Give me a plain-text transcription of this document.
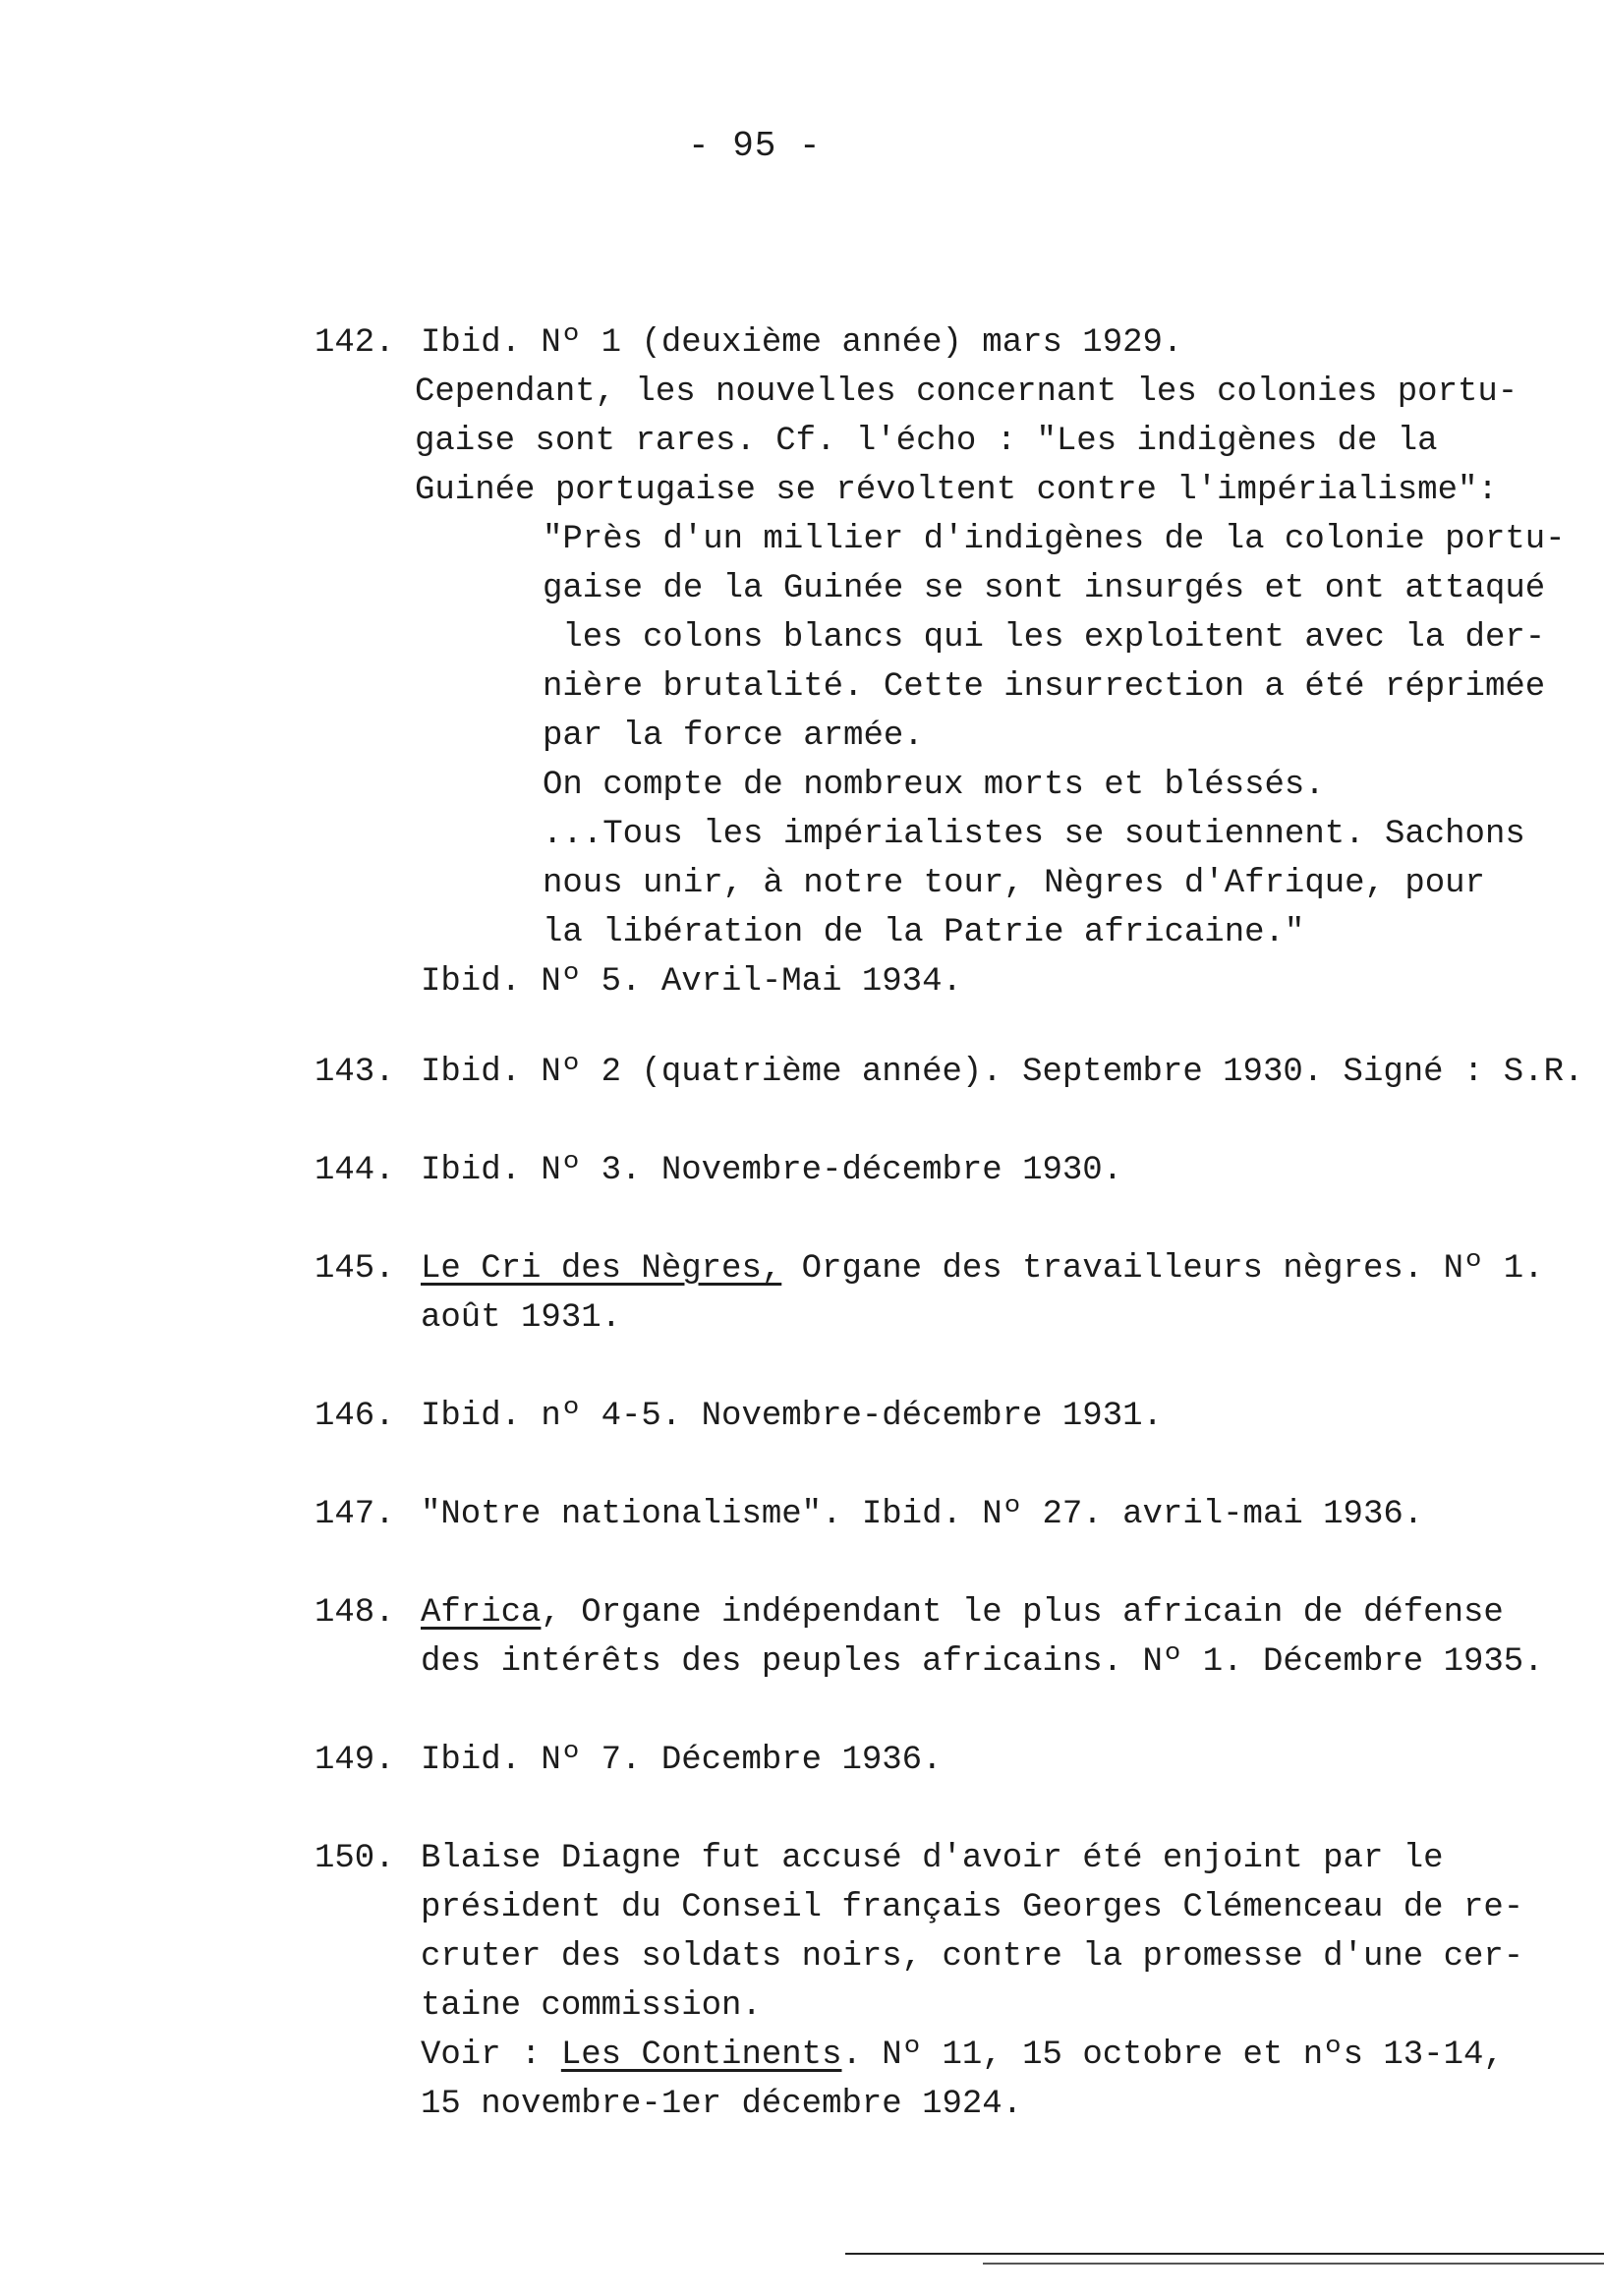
- 95 -
142. Ibid. Nº 1 (deuxième année) mars 1929.
Cependant, les nouvelles concernant les colonies portu-
gaise sont rares. Cf. l'écho : "Les indigènes de la
Guinée portugaise se révoltent contre l'impérialisme":
"Près d'un millier d'indigènes de la colonie portu-
gaise de la Guinée se sont insurgés et ont attaqué
les colons blancs qui les exploitent avec la der-
nière brutalité. Cette insurrection a été réprimée
par la force armée.
On compte de nombreux morts et bléssés.
...Tous les impérialistes se soutiennent. Sachons
nous unir, à notre tour, Nègres d'Afrique, pour
la libération de la Patrie africaine."
Ibid. Nº 5. Avril-Mai 1934.
143. Ibid. Nº 2 (quatrième année). Septembre 1930. Signé : S.R.
144. Ibid. Nº 3. Novembre-décembre 1930.
145. Le Cri des Nègres, Organe des travailleurs nègres. Nº 1.
août 1931.
146. Ibid. nº 4-5. Novembre-décembre 1931.
147. "Notre nationalisme". Ibid. Nº 27. avril-mai 1936.
148. Africa, Organe indépendant le plus africain de défense
des intérêts des peuples africains. Nº 1. Décembre 1935.
149. Ibid. Nº 7. Décembre 1936.
150. Blaise Diagne fut accusé d'avoir été enjoint par le
président du Conseil français Georges Clémenceau de re-
cruter des soldats noirs, contre la promesse d'une cer-
taine commission.
Voir : Les Continents. Nº 11, 15 octobre et nºs 13-14,
15 novembre-1er décembre 1924.
